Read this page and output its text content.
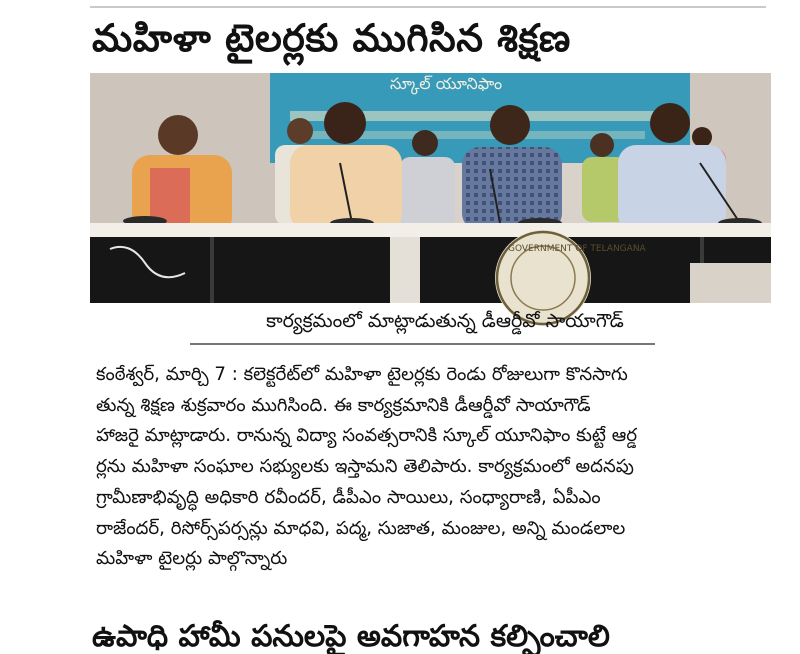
మహిళా టైలర్లకు ముగిసిన శిక్షణ
స్కూల్ యూనిఫాం
GOVERNMENT OF TELANGANA
కార్యక్రమంలో మాట్లాడుతున్న డీఆర్డీవో సాయాగౌడ్

కంఠేశ్వర్, మార్చి 7 : కలెక్టరేట్‌లో మహిళా టైలర్లకు రెండు రోజులుగా కొనసాగు

తున్న శిక్షణ శుక్రవారం ముగిసింది. ఈ కార్యక్రమానికి డీఆర్డీవో సాయాగౌడ్

హాజరై మాట్లాడారు. రానున్న విద్యా సంవత్సరానికి స్కూల్ యూనిఫాం కుట్టే ఆర్డ

ర్లను మహిళా సంఘాల సభ్యులకు ఇస్తామని తెలిపారు. కార్యక్రమంలో అదనపు

గ్రామీణాభివృద్ధి అధికారి రవీందర్, డీపీఎం సాయిలు, సంధ్యారాణి, ఏపీఎం

రాజేందర్, రిసోర్స్‌పర్సన్లు మాధవి, పద్మ, సుజాత, మంజుల, అన్ని మండలాల

మహిళా టైలర్లు పాల్గొన్నారు

ఉపాధి హామీ పనులపై అవగాహన కల్పించాలి
